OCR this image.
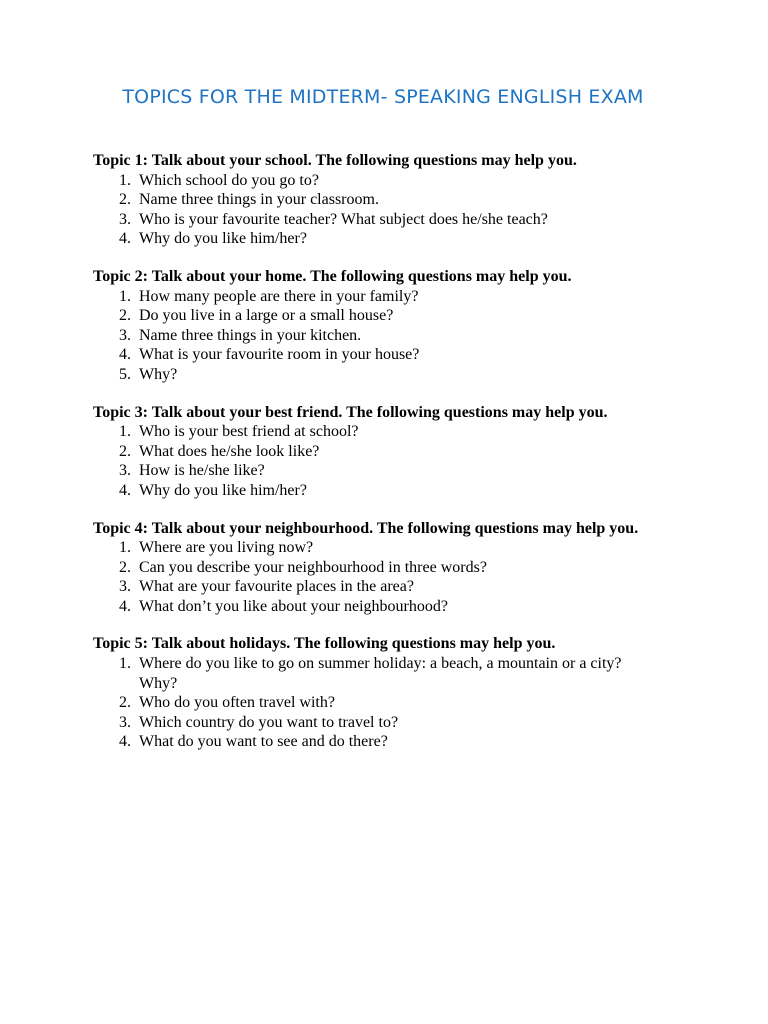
TOPICS FOR THE MIDTERM- SPEAKING ENGLISH EXAM

Topic 1: Talk about your school. The following questions may help you.

1. Which school do you go to?
2. Name three things in your classroom.
3. Who is your favourite teacher? What subject does he/she teach?
4. Why do you like him/her?

Topic 2: Talk about your home. The following questions may help you.

1. How many people are there in your family?
2. Do you live in a large or a small house?
3. Name three things in your kitchen.
4. What is your favourite room in your house?
5. Why?

Topic 3: Talk about your best friend. The following questions may help you.

1. Who is your best friend at school?
2. What does he/she look like?
3. How is he/she like?
4. Why do you like him/her?

Topic 4: Talk about your neighbourhood. The following questions may help you.

1. Where are you living now?
2. Can you describe your neighbourhood in three words?
3. What are your favourite places in the area?
4. What don’t you like about your neighbourhood?

Topic 5: Talk about holidays. The following questions may help you.

1. Where do you like to go on summer holiday: a beach, a mountain or a city? Why?
2. Who do you often travel with?
3. Which country do you want to travel to?
4. What do you want to see and do there?
